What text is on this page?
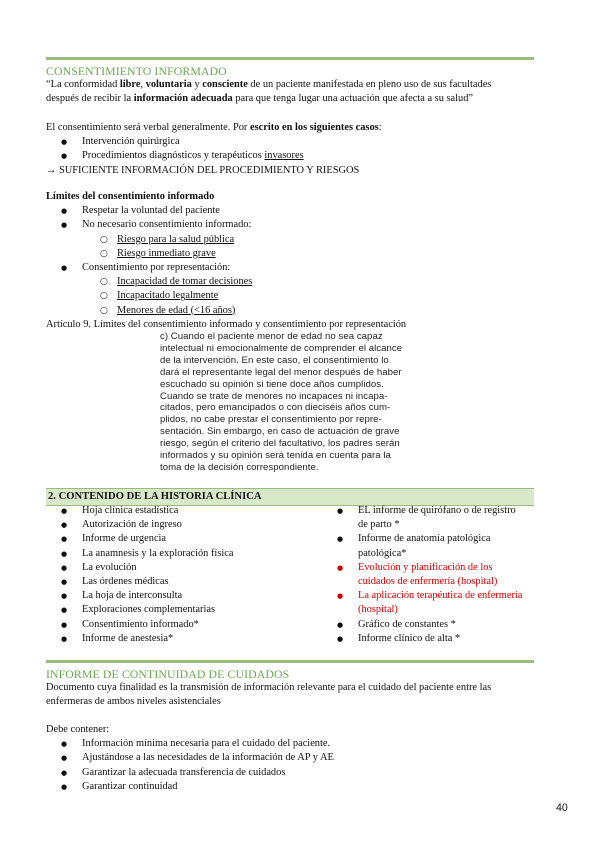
CONSENTIMIENTO INFORMADO
“La conformidad libre, voluntaria y consciente de un paciente manifestada en pleno uso de sus facultades
después de recibir la información adecuada para que tenga lugar una actuación que afecta a su salud”
El consentimiento será verbal generalmente. Por escrito en los siguientes casos:
● Intervención quirúrgica
● Procedimientos diagnósticos y terapéuticos invasores
→ SUFICIENTE INFORMACIÓN DEL PROCEDIMIENTO Y RIESGOS
Límites del consentimiento informado
● Respetar la voluntad del paciente
● No necesario consentimiento informado:
○ Riesgo para la salud pública
○ Riesgo inmediato grave
● Consentimiento por representación:
○ Incapacidad de tomar decisiones
○ Incapacitado legalmente
○ Menores de edad (<16 años)
Artículo 9. Límites del consentimiento informado y consentimiento por representación
c) Cuando el paciente menor de edad no sea capaz
intelectual ni emocionalmente de comprender el alcance
de la intervención. En este caso, el consentimiento lo
dará el representante legal del menor después de haber
escuchado su opinión si tiene doce años cumplidos.
Cuando se trate de menores no incapaces ni incapa-
citados, pero emancipados o con dieciséis años cum-
plidos, no cabe prestar el consentimiento por repre-
sentación. Sin embargo, en caso de actuación de grave
riesgo, según el criterio del facultativo, los padres serán
informados y su opinión será tenida en cuenta para la
toma de la decisión correspondiente.
2. CONTENIDO DE LA HISTORIA CLÍNICA
● Hoja clínica estadística
● Autorización de ingreso
● Informe de urgencia
● La anamnesis y la exploración física
● La evolución
● Las órdenes médicas
● La hoja de interconsulta
● Exploraciones complementarias
● Consentimiento informado*
● Informe de anestesia*
● EL informe de quirófano o de registro
de parto *
● Informe de anatomía patológica
patológica*
● Evolución y planificación de los
cuidados de enfermería (hospital)
● La aplicación terapéutica de enfermería
(hospital)
● Gráfico de constantes *
● Informe clínico de alta *
INFORME DE CONTINUIDAD DE CUIDADOS
Documento cuya finalidad es la transmisión de información relevante para el cuidado del paciente entre las
enfermeras de ambos niveles asistenciales
Debe contener:
● Información mínima necesaria para el cuidado del paciente.
● Ajustándose a las necesidades de la información de AP y AE
● Garantizar la adecuada transferencia de cuidados
● Garantizar continuidad
40
